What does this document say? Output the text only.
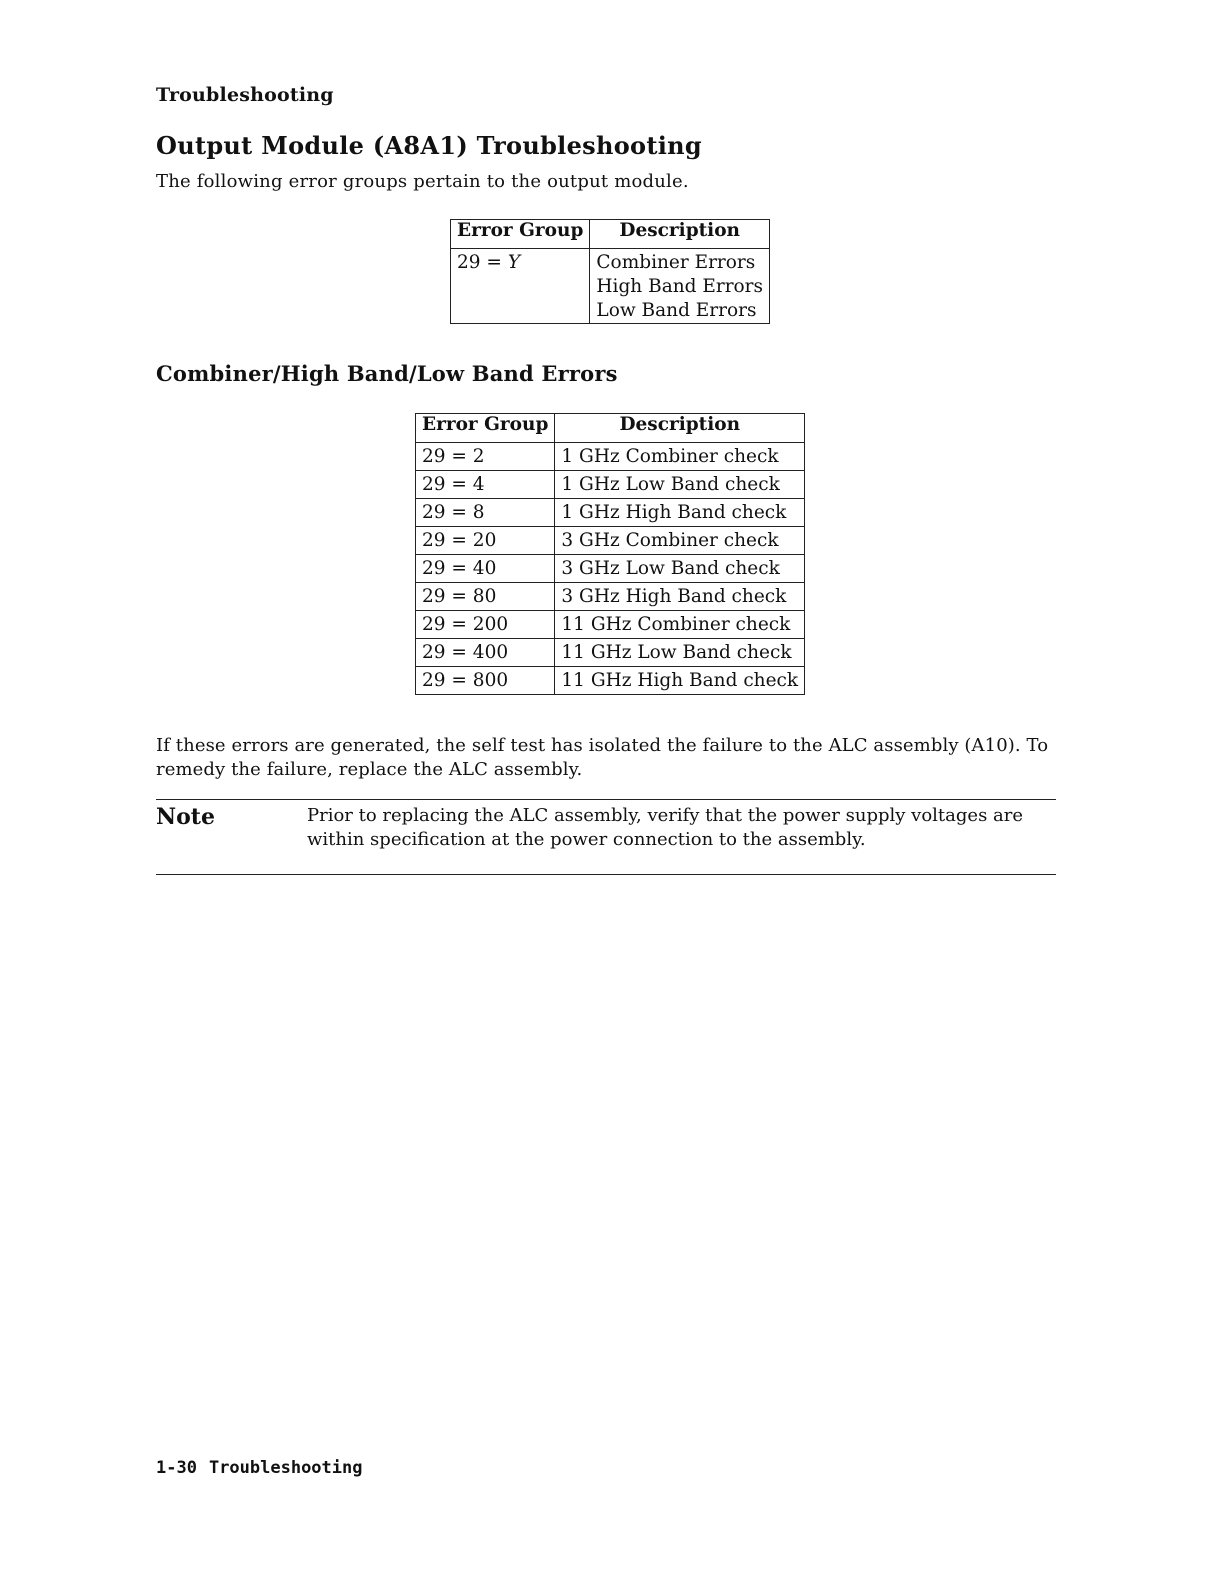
Troubleshooting
Output Module (A8A1) Troubleshooting

The following error groups pertain to the output module.

Error Group	Description
29 = Y	Combiner Errors
High Band Errors
Low Band Errors
Combiner/High Band/Low Band Errors
Error Group	Description
29 = 2	1 GHz Combiner check
29 = 4	1 GHz Low Band check
29 = 8	1 GHz High Band check
29 = 20	3 GHz Combiner check
29 = 40	3 GHz Low Band check
29 = 80	3 GHz High Band check
29 = 200	11 GHz Combiner check
29 = 400	11 GHz Low Band check
29 = 800	11 GHz High Band check

If these errors are generated, the self test has isolated the failure to the ALC assembly (A10). To remedy the failure, replace the ALC assembly.

Note	Prior to replacing the ALC assembly, verify that the power supply voltages are within specification at the power connection to the assembly.

1-30 Troubleshooting
